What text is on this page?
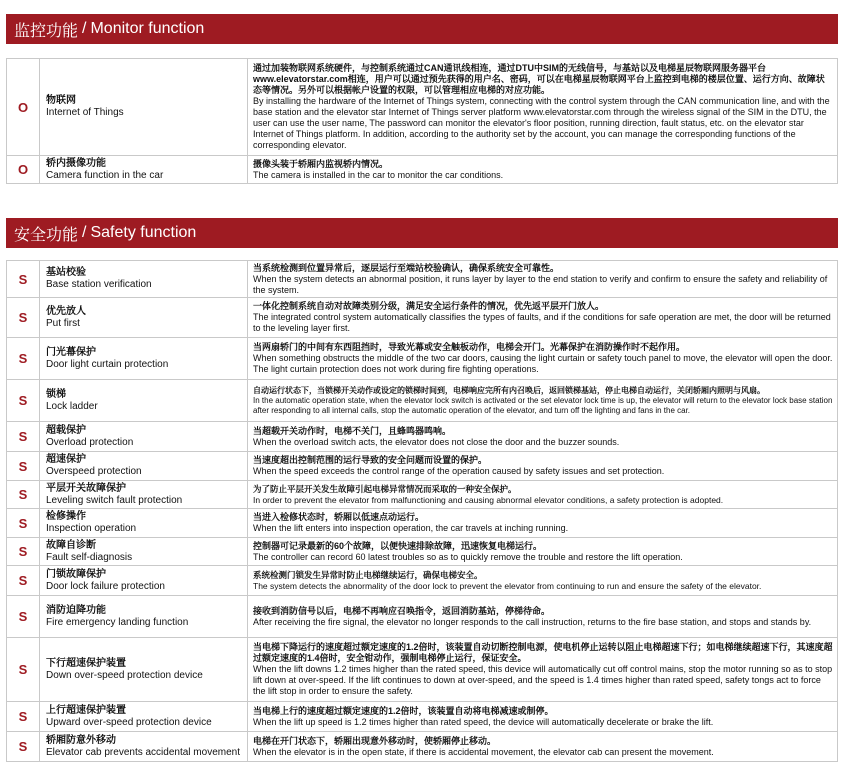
监控功能 / Monitor function
O	物联网
Internet of Things
通过加装物联网系统硬件，与控制系统通过CAN通讯线相连，通过DTU中SIM的无线信号，与基站以及电梯星辰物联网服务器平台www.elevatorstar.com相连，用户可以通过预先获得的用户名、密码，可以在电梯星辰物联网平台上监控到电梯的楼层位置、运行方向、故障状态等情况。另外可以根据帐户设置的权限，可以管理相应电梯的对应功能。
By installing the hardware of the Internet of Things system, connecting with the control system through the CAN communication line, and with the base station and the elevator star Internet of Things server platform www.elevatorstar.com through the wireless signal of the SIM in the DTU, the user can use the user name, The password can monitor the elevator's floor position, running direction, fault status, etc. on the elevator star Internet of Things platform. In addition, according to the authority set by the account, you can manage the corresponding functions of the corresponding elevator.
O	轿内摄像功能
Camera function in the car
摄像头装于轿厢内监视轿内情况。
The camera is installed in the car to monitor the car conditions.
安全功能 / Safety function
S	基站校验
Base station verification
当系统检测到位置异常后，逐层运行至端站校验确认，确保系统安全可靠性。
When the system detects an abnormal position, it runs layer by layer to the end station to verify and confirm to ensure the safety and reliability of the system.
S	优先放人
Put first
一体化控制系统自动对故障类别分级，满足安全运行条件的情况，优先返平层开门放人。
The integrated control system automatically classifies the types of faults, and if the conditions for safe operation are met, the door will be returned to the leveling layer first.
S	门光幕保护
Door light curtain protection
当两扇轿门的中间有东西阻挡时，导致光幕或安全触板动作，电梯会开门。光幕保护在消防操作时不起作用。
When something obstructs the middle of the two car doors, causing the light curtain or safety touch panel to move, the elevator will open the door. The light curtain protection does not work during fire fighting operations.
S	锁梯
Lock ladder
自动运行状态下，当锁梯开关动作或设定的锁梯时间到，电梯响应完所有内召唤后，返回锁梯基站，停止电梯自动运行，关闭轿厢内照明与风扇。
In the automatic operation state, when the elevator lock switch is activated or the set elevator lock time is up, the elevator will return to the elevator lock base station after responding to all internal calls, stop the automatic operation of the elevator, and turn off the lighting and fans in the car.
S	超载保护
Overload protection
当超载开关动作时，电梯不关门，且蜂鸣器鸣响。
When the overload switch acts, the elevator does not close the door and the buzzer sounds.
S	超速保护
Overspeed protection
当速度超出控制范围的运行导致的安全问题而设置的保护。
When the speed exceeds the control range of the operation caused by safety issues and set protection.
S	平层开关故障保护
Leveling switch fault protection
为了防止平层开关发生故障引起电梯异常情况而采取的一种安全保护。
In order to prevent the elevator from malfunctioning and causing abnormal elevator conditions, a safety protection is adopted.
S	检修操作
Inspection operation
当进入检修状态时，轿厢以低速点动运行。
When the lift enters into inspection operation, the car travels at inching running.
S	故障自诊断
Fault self-diagnosis
控制器可记录最新的60个故障，以便快速排除故障，迅速恢复电梯运行。
The controller can record 60 latest troubles so as to quickly remove the trouble and restore the lift operation.
S	门锁故障保护
Door lock failure protection
系统检测门锁发生异常时防止电梯继续运行，确保电梯安全。
The system detects the abnormality of the door lock to prevent the elevator from continuing to run and ensure the safety of the elevator.
S	消防迫降功能
Fire emergency landing function
接收到消防信号以后，电梯不再响应召唤指令，返回消防基站，停梯待命。
After receiving the fire signal, the elevator no longer responds to the call instruction, returns to the fire base station, and stops and stands by.
S	下行超速保护装置
Down over-speed protection device
当电梯下降运行的速度超过额定速度的1.2倍时，该装置自动切断控制电源，使电机停止运转以阻止电梯超速下行；如电梯继续超速下行，其速度超过额定速度的1.4倍时，安全钳动作，强制电梯停止运行，保证安全。
When the lift downs 1.2 times higher than the rated speed, this device will automatically cut off control mains, stop the motor running so as to stop lift down at over-speed. If the lift continues to down at over-speed, and the speed is 1.4 times higher than rated speed, safety tongs act to force the lift stop in order to ensure the safety.
S	上行超速保护装置
Upward over-speed protection device
当电梯上行的速度超过额定速度的1.2倍时，该装置自动将电梯减速或制停。
When the lift up speed is 1.2 times higher than rated speed, the device will automatically decelerate or brake the lift.
S	轿厢防意外移动
Elevator cab prevents accidental movement
电梯在开门状态下，轿厢出现意外移动时，使轿厢停止移动。
When the elevator is in the open state, if there is accidental movement, the elevator cab can present the movement.
